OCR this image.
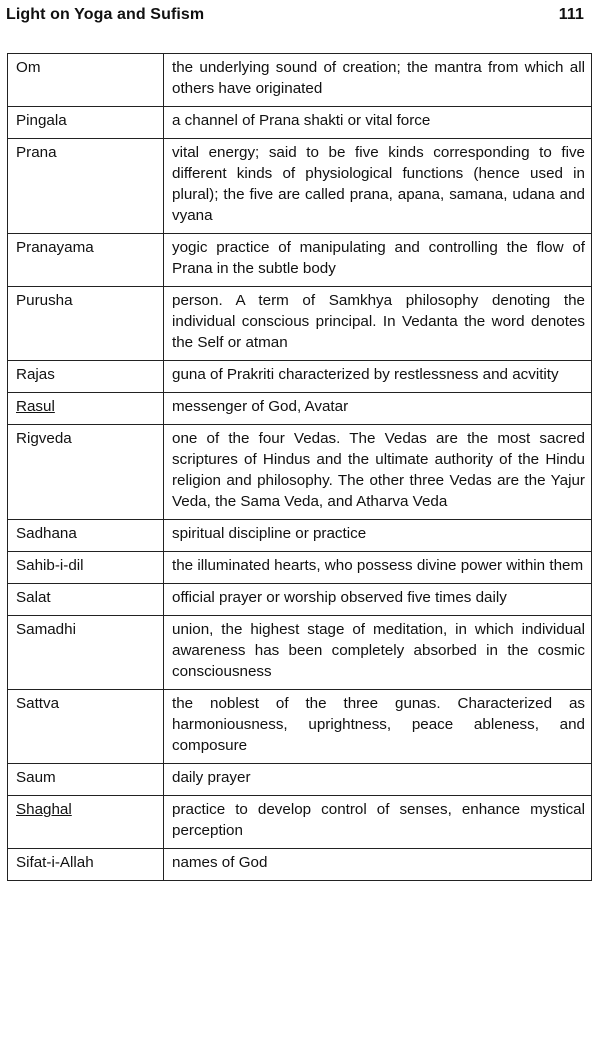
Light on Yoga and Sufism	111
Om	the underlying sound of creation; the mantra from which all others have originated
Pingala	a channel of Prana shakti or vital force
Prana	vital energy; said to be five kinds corresponding to five different kinds of physiological functions (hence used in plural); the five are called prana, apana, samana, udana and vyana
Pranayama	yogic practice of manipulating and controlling the flow of Prana in the subtle body
Purusha	person. A term of Samkhya philosophy denoting the individual conscious principal. In Vedanta the word denotes the Self or atman
Rajas	guna of Prakriti characterized by restlessness and acvitity
Rasul	messenger of God, Avatar
Rigveda	one of the four Vedas. The Vedas are the most sacred scriptures of Hindus and the ultimate authority of the Hindu religion and philosophy. The other three Vedas are the Yajur Veda, the Sama Veda, and Atharva Veda
Sadhana	spiritual discipline or practice
Sahib-i-dil	the illuminated hearts, who possess divine power within them
Salat	official prayer or worship observed five times daily
Samadhi	union, the highest stage of meditation, in which individual awareness has been completely absorbed in the cosmic consciousness
Sattva	the noblest of the three gunas. Characterized as harmoniousness, uprightness, peace ableness, and composure
Saum	daily prayer
Shaghal	practice to develop control of senses, enhance mystical perception
Sifat-i-Allah	names of God
